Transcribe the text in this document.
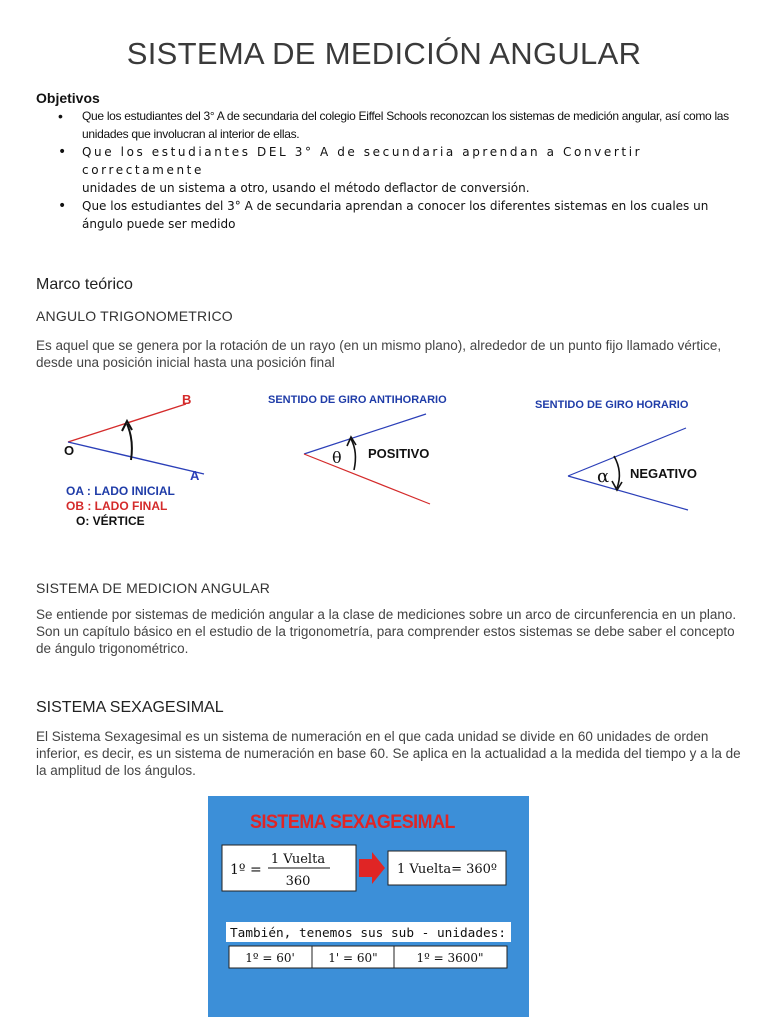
SISTEMA DE MEDICIÓN ANGULAR
Objetivos
• Que los estudiantes del 3° A de secundaria del colegio Eiffel Schools reconozcan los sistemas de medición angular, así como las unidades que involucran al interior de ellas.
• Que los estudiantes DEL 3° A de secundaria aprendan a Convertir correctamente
unidades de un sistema a otro, usando el método deflactor de conversión.
• Que los estudiantes del 3° A de secundaria aprendan a conocer los diferentes sistemas en los cuales un ángulo puede ser medido
Marco teórico
ANGULO TRIGONOMETRICO
Es aquel que se genera por la rotación de un rayo (en un mismo plano), alrededor de un punto fijo llamado vértice, desde una posición inicial hasta una posición final
O
B
A
OA : LADO INICIAL
OB : LADO FINAL
O: VÉRTICE
SENTIDO DE GIRO ANTIHORARIO
θ POSITIVO
SENTIDO DE GIRO HORARIO
α NEGATIVO
SISTEMA DE MEDICION ANGULAR
Se entiende por sistemas de medición angular a la clase de mediciones sobre un arco de circunferencia en un plano. Son un capítulo básico en el estudio de la trigonometría, para comprender estos sistemas se debe saber el concepto de ángulo trigonométrico.
SISTEMA SEXAGESIMAL
El Sistema Sexagesimal es un sistema de numeración en el que cada unidad se divide en 60 unidades de orden inferior, es decir, es un sistema de numeración en base 60. Se aplica en la actualidad a la medida del tiempo y a la de la amplitud de los ángulos.
SISTEMA SEXAGESIMAL
1º =
1 Vuelta
360
1 Vuelta= 360º
También, tenemos sus sub - unidades:
1º = 60'	1' = 60"	1º = 3600"
